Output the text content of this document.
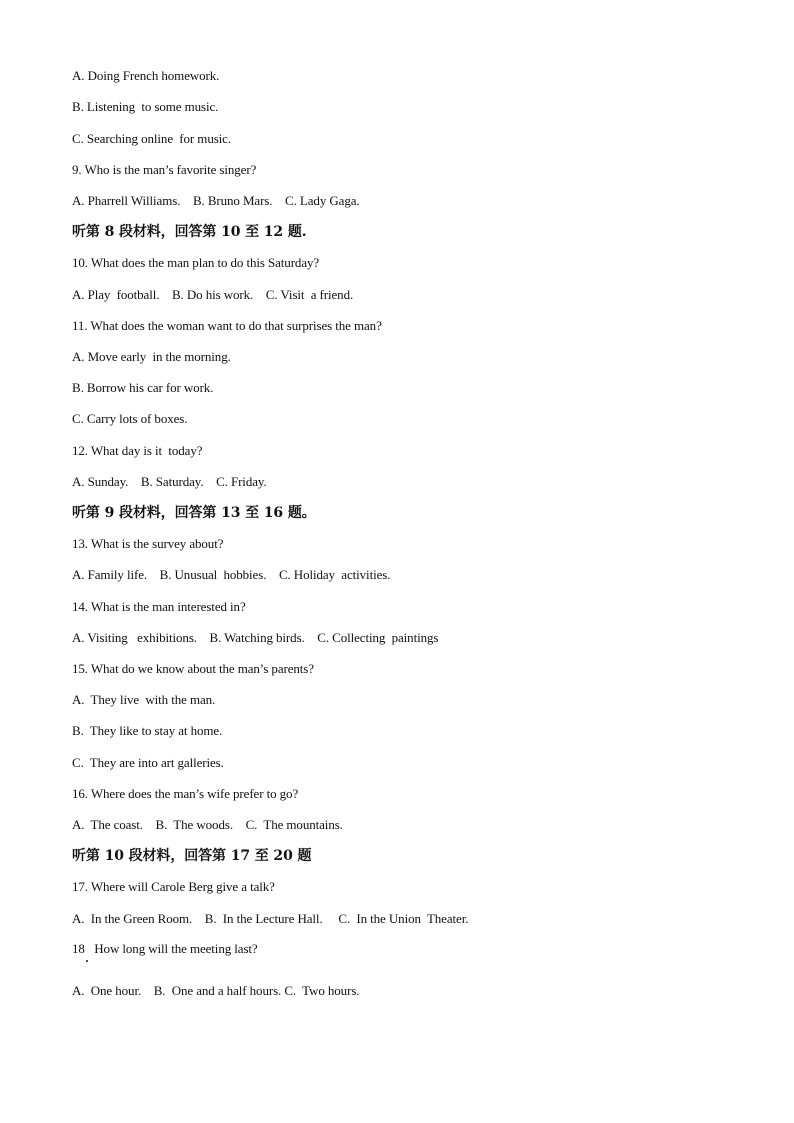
A. Doing French homework.
B. Listening  to some music.
C. Searching online  for music.
9. Who is the man’s favorite singer?
A. Pharrell Williams.    B. Bruno Mars.    C. Lady Gaga.
听第 8 段材料，回答第 10 至 12 题.
10. What does the man plan to do this Saturday?
A. Play  football.    B. Do his work.    C. Visit  a friend.
11. What does the woman want to do that surprises the man?
A. Move early  in the morning.
B. Borrow his car for work.
C. Carry lots of boxes.
12. What day is it  today?
A. Sunday.    B. Saturday.    C. Friday.
听第 9 段材料，回答第 13 至 16 题。
13. What is the survey about?
A. Family life.    B. Unusual  hobbies.    C. Holiday  activities.
14. What is the man interested in?
A. Visiting   exhibitions.    B. Watching birds.    C. Collecting  paintings
15. What do we know about the man’s parents?
A.  They live  with the man.
B.  They like to stay at home.
C.  They are into art galleries.
16. Where does the man’s wife prefer to go?
A.  The coast.    B.  The woods.    C.  The mountains.
听第 10 段材料，回答第 17 至 20 题
17. Where will Carole Berg give a talk?
A.  In the Green Room.    B.  In the Lecture Hall.     C.  In the Union  Theater.
18   How long will the meeting last?
A.  One hour.    B.  One and a half hours. C.  Two hours.
